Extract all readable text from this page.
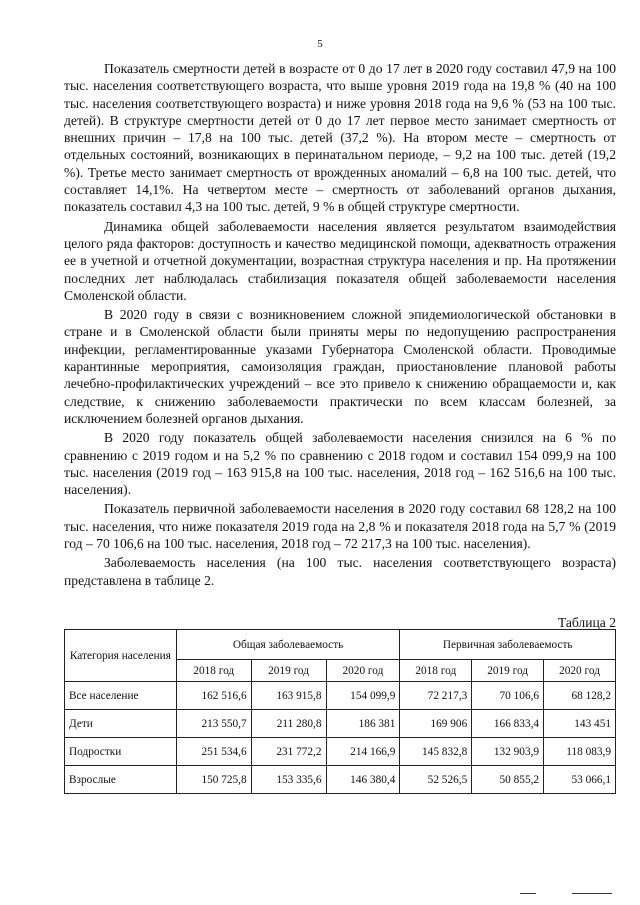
5

Показатель смертности детей в возрасте от 0 до 17 лет в 2020 году составил 47,9 на 100 тыс. населения соответствующего возраста, что выше уровня 2019 года на 19,8 % (40 на 100 тыс. населения соответствующего возраста) и ниже уровня 2018 года на 9,6 % (53 на 100 тыс. детей). В структуре смертности детей от 0 до 17 лет первое место занимает смертность от внешних причин – 17,8 на 100 тыс. детей (37,2 %). На втором месте – смертность от отдельных состояний, возникающих в перинатальном периоде, – 9,2 на 100 тыс. детей (19,2 %). Третье место занимает смертность от врожденных аномалий – 6,8 на 100 тыс. детей, что составляет 14,1%. На четвертом месте – смертность от заболеваний органов дыхания, показатель составил 4,3 на 100 тыс. детей, 9 % в общей структуре смертности.

Динамика общей заболеваемости населения является результатом взаимодействия целого ряда факторов: доступность и качество медицинской помощи, адекватность отражения ее в учетной и отчетной документации, возрастная структура населения и пр. На протяжении последних лет наблюдалась стабилизация показателя общей заболеваемости населения Смоленской области.

В 2020 году в связи с возникновением сложной эпидемиологической обстановки в стране и в Смоленской области были приняты меры по недопущению распространения инфекции, регламентированные указами Губернатора Смоленской области. Проводимые карантинные мероприятия, самоизоляция граждан, приостановление плановой работы лечебно-профилактических учреждений – все это привело к снижению обращаемости и, как следствие, к снижению заболеваемости практически по всем классам болезней, за исключением болезней органов дыхания.

В 2020 году показатель общей заболеваемости населения снизился на 6 % по сравнению с 2019 годом и на 5,2 % по сравнению с 2018 годом и составил 154 099,9 на 100 тыс. населения (2019 год – 163 915,8 на 100 тыс. населения, 2018 год – 162 516,6 на 100 тыс. населения).

Показатель первичной заболеваемости населения в 2020 году составил 68 128,2 на 100 тыс. населения, что ниже показателя 2019 года на 2,8 % и показателя 2018 года на 5,7 % (2019 год – 70 106,6 на 100 тыс. населения, 2018 год – 72 217,3 на 100 тыс. населения).

Заболеваемость населения (на 100 тыс. населения соответствующего возраста) представлена в таблице 2.

Таблица 2
Категория населения	Общая заболеваемость			Первичная заболеваемость		
	2018 год	2019 год	2020 год	2018 год	2019 год	2020 год
Все население	162 516,6	163 915,8	154 099,9	72 217,3	70 106,6	68 128,2
Дети	213 550,7	211 280,8	186 381	169 906	166 833,4	143 451
Подростки	251 534,6	231 772,2	214 166,9	145 832,8	132 903,9	118 083,9
Взрослые	150 725,8	153 335,6	146 380,4	52 526,5	50 855,2	53 066,1
